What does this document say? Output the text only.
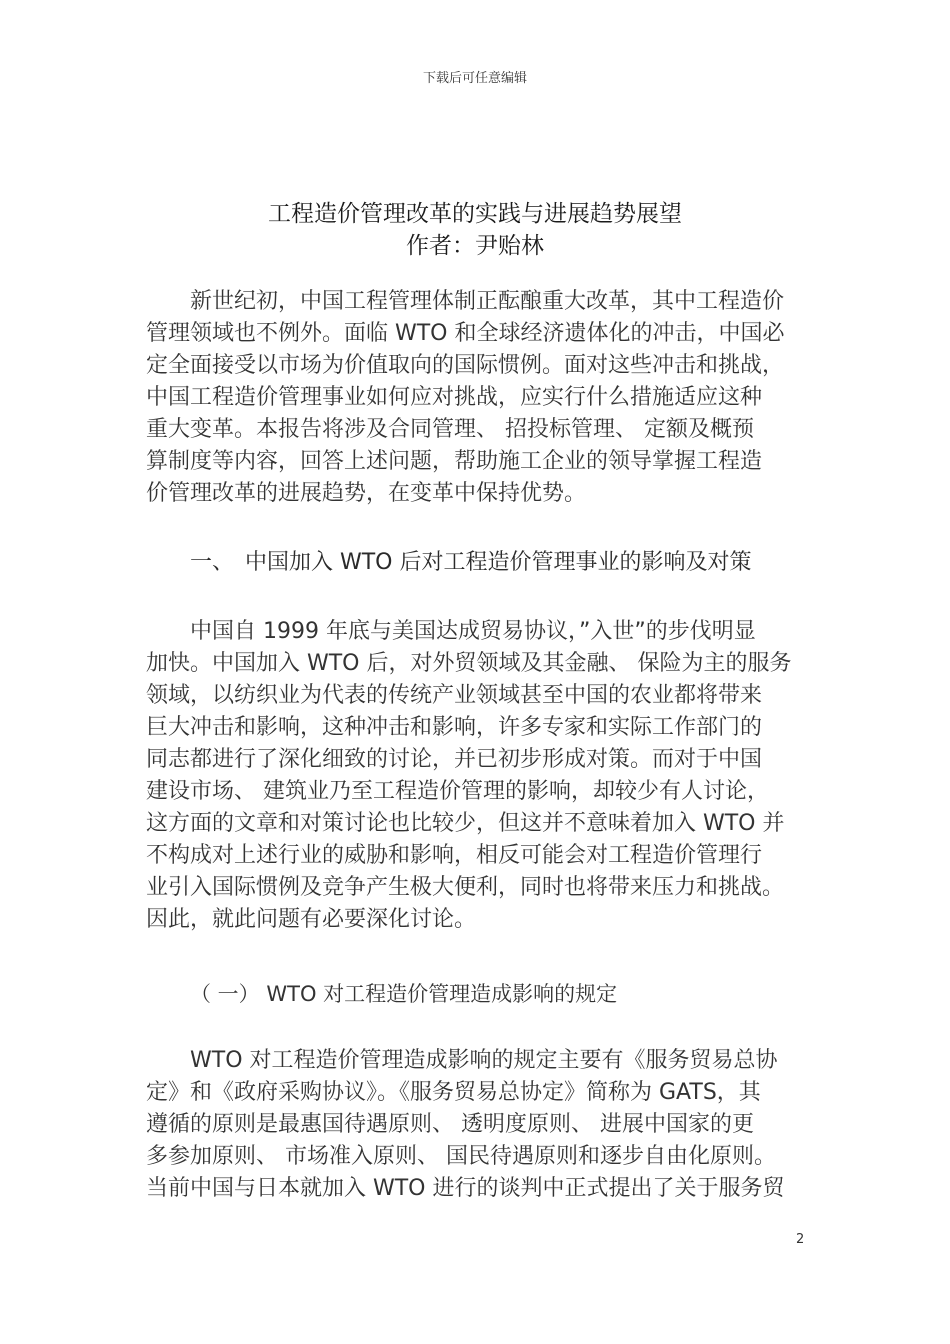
下载后可任意编辑
工程造价管理改革的实践与进展趋势展望
作者：尹贻林
　　新世纪初，中国工程管理体制正酝酿重大改革，其中工程造价
管理领域也不例外。面临 WTO 和全球经济遗体化的冲击，中国必
定全面接受以市场为价值取向的国际惯例。面对这些冲击和挑战，
中国工程造价管理事业如何应对挑战，应实行什么措施适应这种
重大变革。本报告将涉及合同管理、 招投标管理、 定额及概预
算制度等内容，回答上述问题，帮助施工企业的领导掌握工程造
价管理改革的进展趋势，在变革中保持优势。
一、　中国加入 WTO 后对工程造价管理事业的影响及对策
　　中国自 1999 年底与美国达成贸易协议，”入世”的步伐明显
加快。中国加入 WTO 后，对外贸领域及其金融、 保险为主的服务
领域，以纺织业为代表的传统产业领域甚至中国的农业都将带来
巨大冲击和影响，这种冲击和影响，许多专家和实际工作部门的
同志都进行了深化细致的讨论，并已初步形成对策。而对于中国
建设市场、 建筑业乃至工程造价管理的影响，却较少有人讨论，
这方面的文章和对策讨论也比较少，但这并不意味着加入 WTO 并
不构成对上述行业的威胁和影响，相反可能会对工程造价管理行
业引入国际惯例及竞争产生极大便利，同时也将带来压力和挑战。
因此，就此问题有必要深化讨论。
（ 一） WTO 对工程造价管理造成影响的规定
　　WTO 对工程造价管理造成影响的规定主要有《服务贸易总协
定》和《政府采购协议》。《服务贸易总协定》简称为 GATS，其
遵循的原则是最惠国待遇原则、 透明度原则、 进展中国家的更
多参加原则、 市场准入原则、 国民待遇原则和逐步自由化原则。
当前中国与日本就加入 WTO 进行的谈判中正式提出了关于服务贸
2
